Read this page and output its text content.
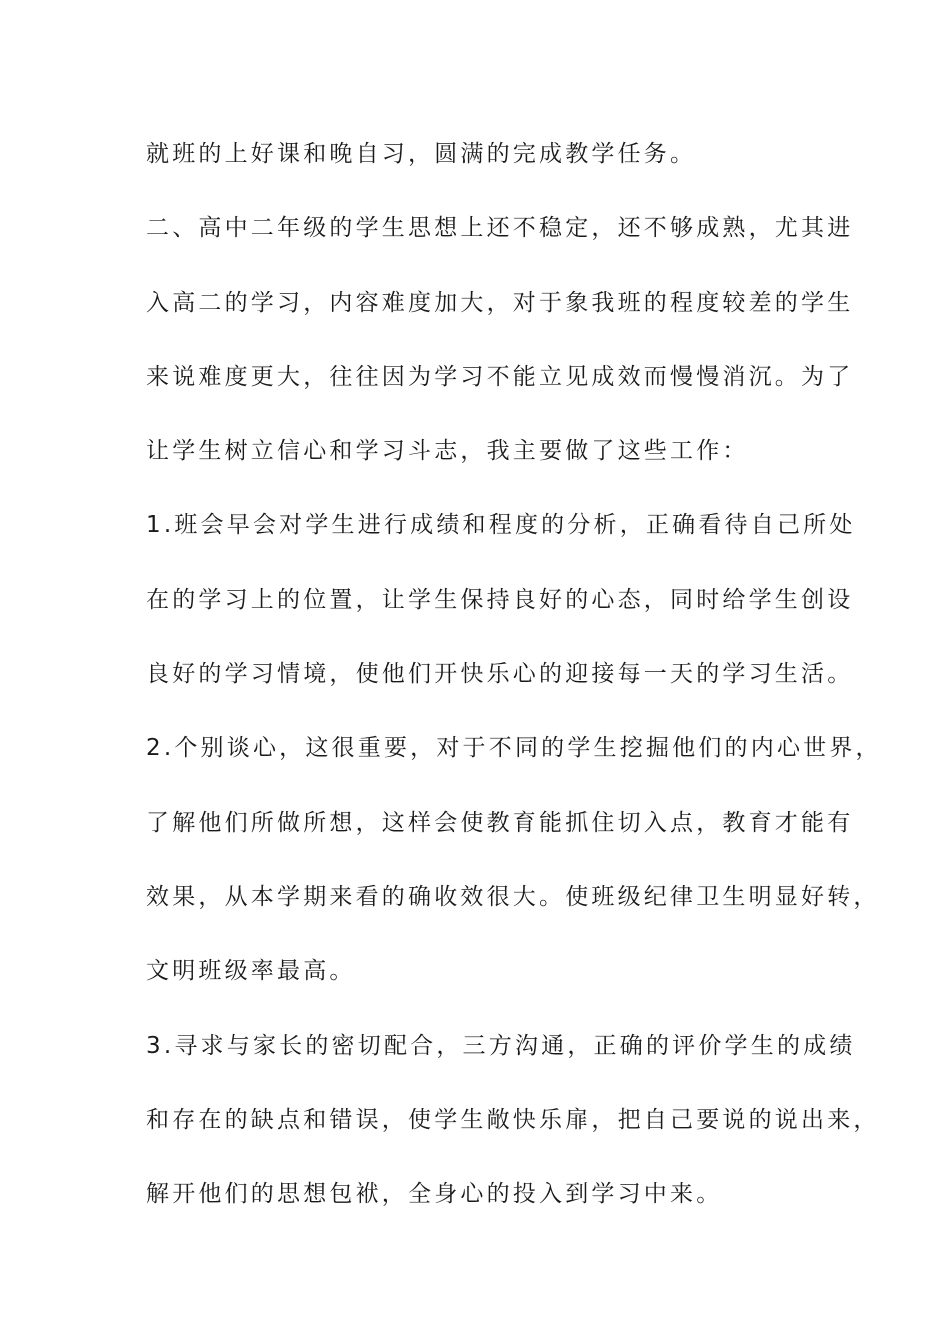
就班的上好课和晚自习，圆满的完成教学任务。
二、高中二年级的学生思想上还不稳定，还不够成熟，尤其进
入高二的学习，内容难度加大，对于象我班的程度较差的学生
来说难度更大，往往因为学习不能立见成效而慢慢消沉。为了
让学生树立信心和学习斗志，我主要做了这些工作：
1.班会早会对学生进行成绩和程度的分析，正确看待自己所处
在的学习上的位置，让学生保持良好的心态，同时给学生创设
良好的学习情境，使他们开快乐心的迎接每一天的学习生活。
2.个别谈心，这很重要，对于不同的学生挖掘他们的内心世界，
了解他们所做所想，这样会使教育能抓住切入点，教育才能有
效果，从本学期来看的确收效很大。使班级纪律卫生明显好转，
文明班级率最高。
3.寻求与家长的密切配合，三方沟通，正确的评价学生的成绩
和存在的缺点和错误，使学生敞快乐扉，把自己要说的说出来，
解开他们的思想包袱，全身心的投入到学习中来。
